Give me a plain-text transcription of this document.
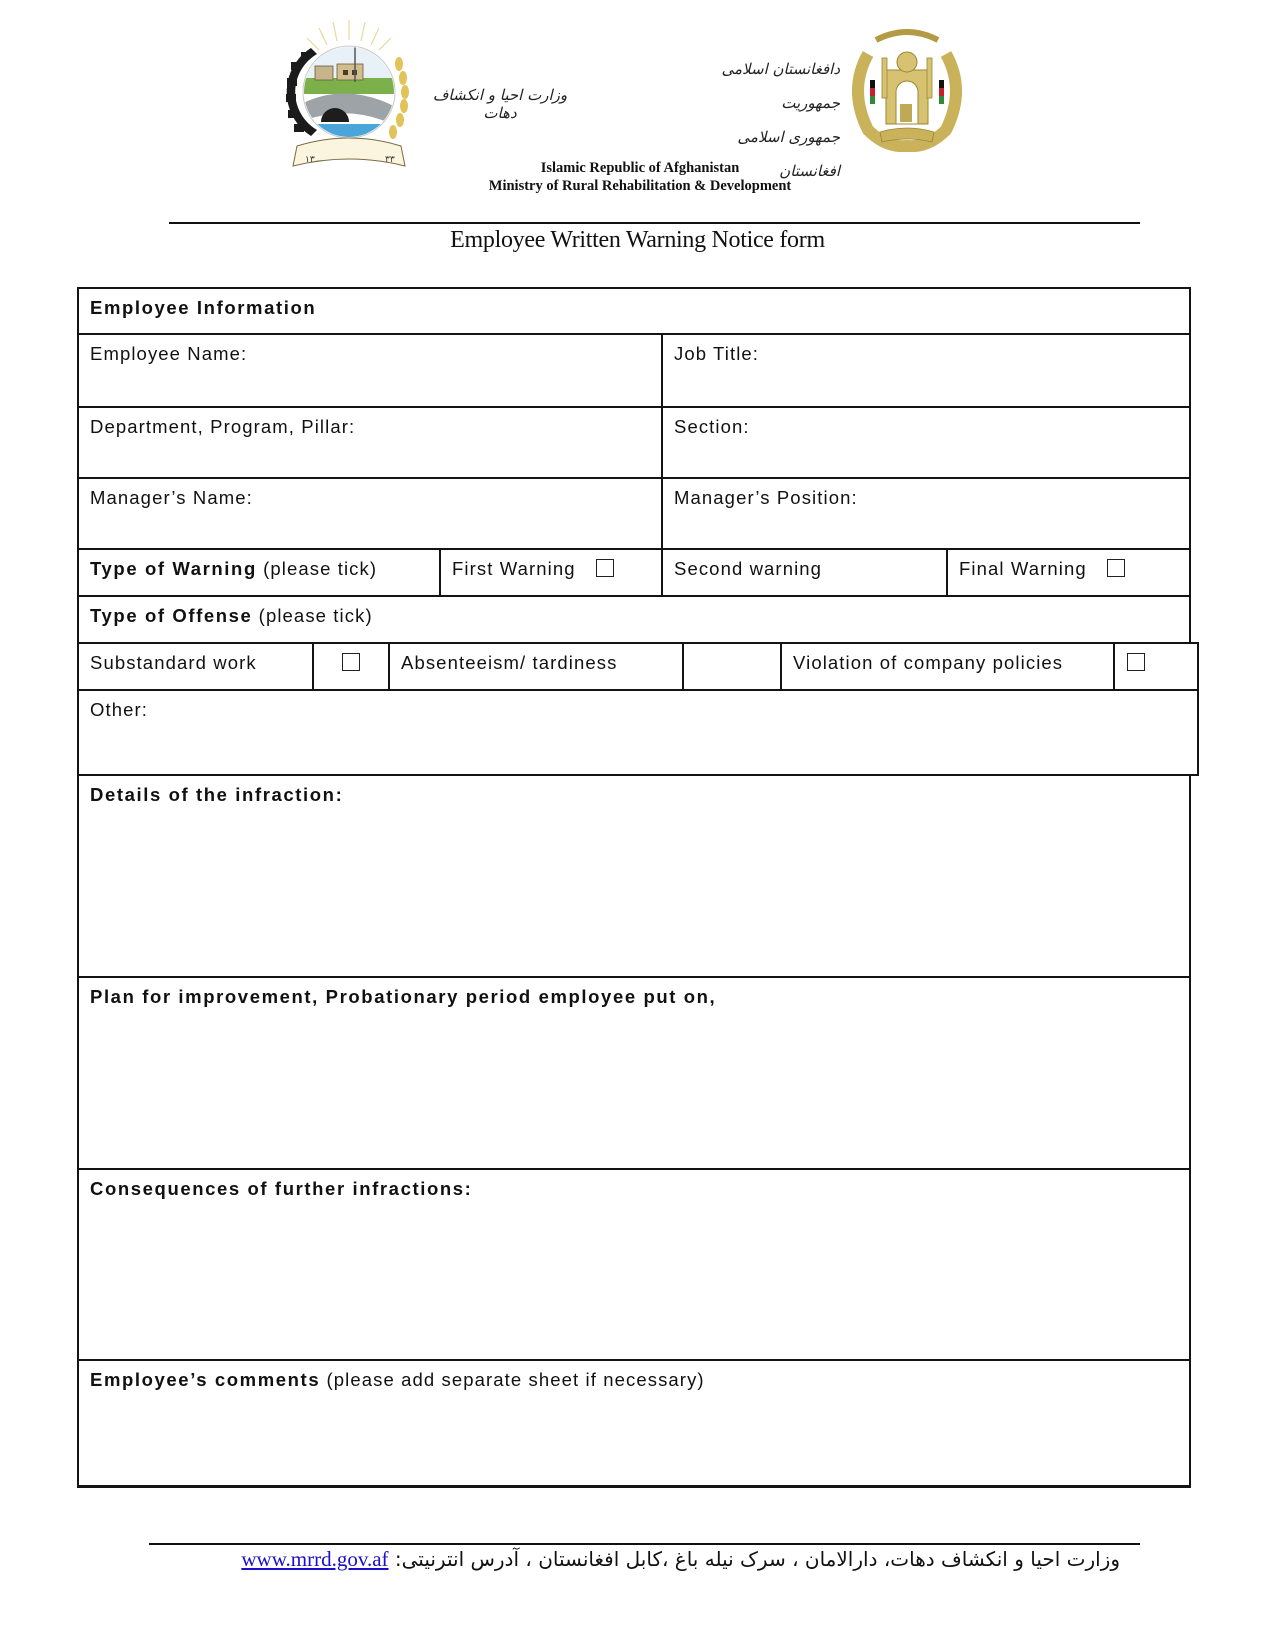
۱۳	۳۳
وزارت احیا و انکشاف دهات
دافغانستان اسلامی جمهوریت
جمهوری اسلامی افغانستان
Islamic Republic of Afghanistan
Ministry of Rural Rehabilitation & Development
Employee Written Warning Notice form
Employee Information
Employee Name:	Job Title:
Department, Program, Pillar:	Section:
Manager’s Name:	Manager’s Position:
Type of Warning (please tick)	First Warning	Second warning	Final Warning
Type of Offense (please tick)
Substandard work	Absenteeism/ tardiness	Violation of company policies
Other:
Details of the infraction:
Plan for improvement, Probationary period employee put on,
Consequences of further infractions:
Employee’s comments (please add separate sheet if necessary)
www.mrrd.gov.af وزارت احیا و انکشاف دهات، دارالامان ، سرک نیله باغ ،کابل افغانستان ، آدرس انترنیتی:
